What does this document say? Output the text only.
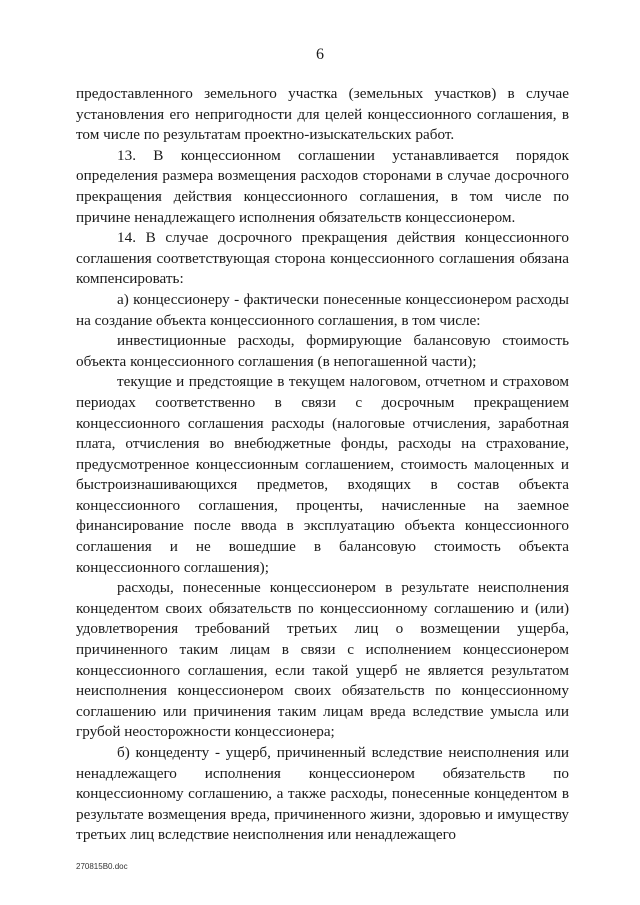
6

предоставленного земельного участка (земельных участков) в случае установления его непригодности для целей концессионного соглашения, в том числе по результатам проектно-изыскательских работ.

13. В концессионном соглашении устанавливается порядок определения размера возмещения расходов сторонами в случае досрочного прекращения действия концессионного соглашения, в том числе по причине ненадлежащего исполнения обязательств концессионером.

14. В случае досрочного прекращения действия концессионного соглашения соответствующая сторона концессионного соглашения обязана компенсировать:

а) концессионеру - фактически понесенные концессионером расходы на создание объекта концессионного соглашения, в том числе:

инвестиционные расходы, формирующие балансовую стоимость объекта концессионного соглашения (в непогашенной части);

текущие и предстоящие в текущем налоговом, отчетном и страховом периодах соответственно в связи с досрочным прекращением концессионного соглашения расходы (налоговые отчисления, заработная плата, отчисления во внебюджетные фонды, расходы на страхование, предусмотренное концессионным соглашением, стоимость малоценных и быстроизнашивающихся предметов, входящих в состав объекта концессионного соглашения, проценты, начисленные на заемное финансирование после ввода в эксплуатацию объекта концессионного соглашения и не вошедшие в балансовую стоимость объекта концессионного соглашения);

расходы, понесенные концессионером в результате неисполнения концедентом своих обязательств по концессионному соглашению и (или) удовлетворения требований третьих лиц о возмещении ущерба, причиненного таким лицам в связи с исполнением концессионером концессионного соглашения, если такой ущерб не является результатом неисполнения концессионером своих обязательств по концессионному соглашению или причинения таким лицам вреда вследствие умысла или грубой неосторожности концессионера;

б) концеденту - ущерб, причиненный вследствие неисполнения или ненадлежащего исполнения концессионером обязательств по концессионному соглашению, а также расходы, понесенные концедентом в результате возмещения вреда, причиненного жизни, здоровью и имуществу третьих лиц вследствие неисполнения или ненадлежащего

270815В0.doc
